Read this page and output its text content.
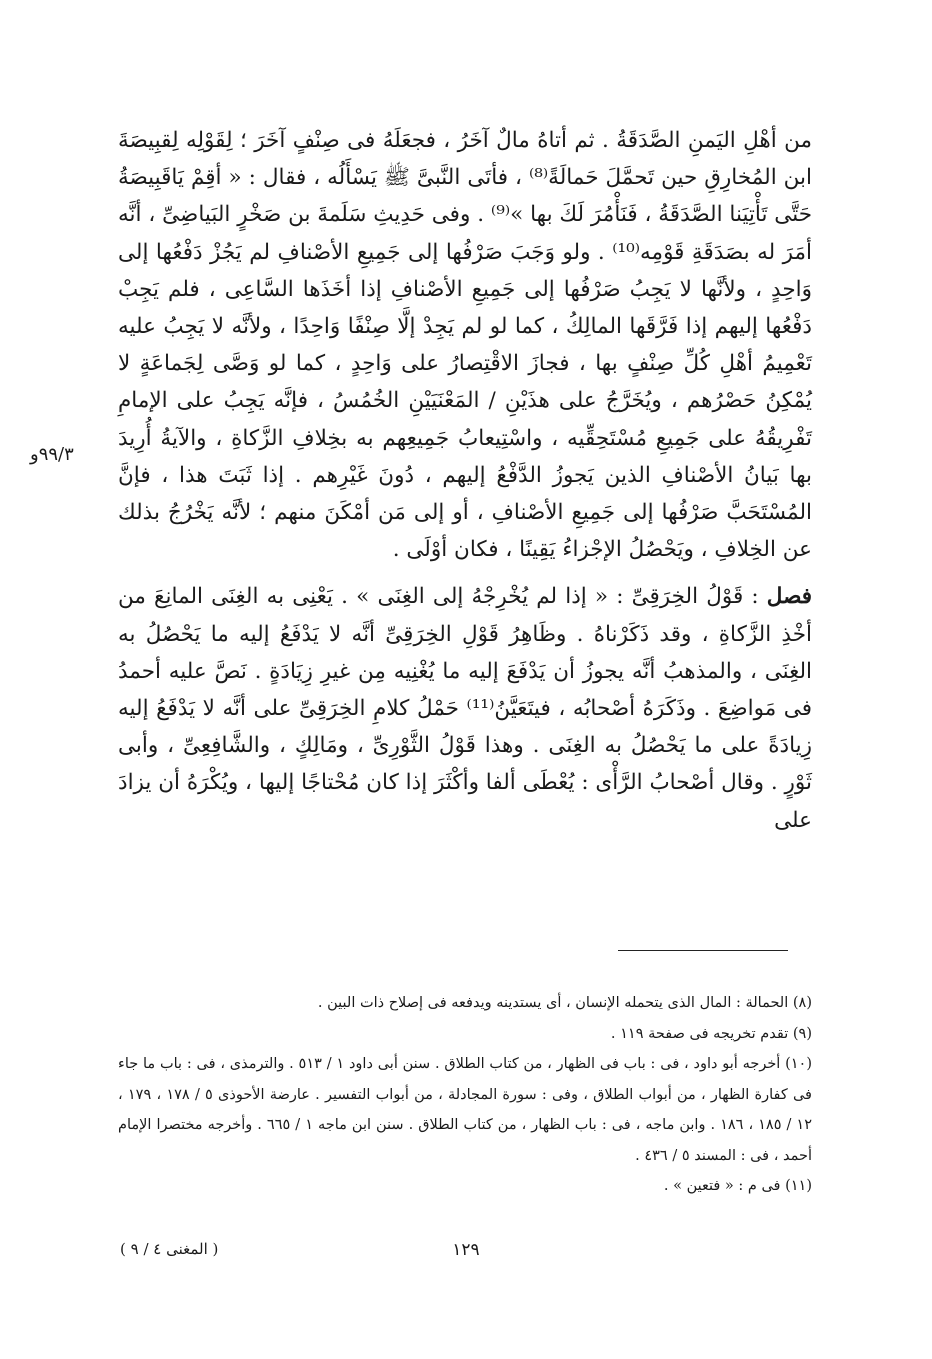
من أهْلِ اليَمنِ الصَّدَقَةُ . ثم أتاهُ مالٌ آخَرُ ، فجعَلَهُ فى صِنْفٍ آخَرَ ؛ لِقَوْلِه لِقبِيصَةَ ابن المُخارِقِ حين تَحمَّلَ حَمالَةً⁽⁸⁾ ، فأتَى النَّبىَّ ﷺ يَسْأَلُه ، فقال : « أقِمْ يَاقَبِيصَةُ حَتَّى تَأْتِيَنا الصَّدَقَةُ ، فَنَأْمُرَ لَكَ بها »⁽⁹⁾ . وفى حَدِيثِ سَلَمةَ بن صَخْرٍ البَياضِىِّ ، أنَّه أمَرَ له بصَدَقَةِ قَوْمِه⁽¹⁰⁾ . ولو وَجَبَ صَرْفُها إلى جَمِيعِ الأصْنافِ لم يَجُزْ دَفْعُها إلى وَاحِدٍ ، ولأنَّها لا يَجِبُ صَرْفُها إلى جَمِيعِ الأصْنافِ إذا أخَذَها السَّاعِى ، فلم يَجِبْ دَفْعُها إليهم إذا فَرَّقَها المالِكُ ، كما لو لم يَجِدْ إلَّا صِنْفًا وَاحِدًا ، ولأنَّه لا يَجِبُ عليه تَعْمِيمُ أهْلِ كُلِّ صِنْفٍ بها ، فجازَ الاقْتِصارُ على وَاحِدٍ ، كما لو وَصَّى لِجَماعَةٍ لا يُمْكِنُ حَصْرُهم ، ويُخَرَّجُ على هذَيْنِ / المَعْنَيَيْنِ الخُمُسُ ، فإنَّه يَجِبُ على الإمامِ تَفْرِيقُهُ على جَمِيعِ مُسْتَحِقِّيه ، واسْتِيعابُ جَمِيعِهم به بخِلافِ الزَّكاةِ ، والآيةُ أُرِيدَ بها بَيانُ الأصْنافِ الذين يَجوزُ الدَّفْعُ إليهم ، دُونَ غَيْرِهم . إذا ثَبَتَ هذا ، فإنَّ المُسْتَحَبَّ صَرْفُها إلى جَمِيعِ الأصْنافِ ، أو إلى مَن أمْكَنَ منهم ؛ لأنَّه يَخْرُجُ بذلك عن الخِلافِ ، ويَحْصُلُ الإجْزاءُ يَقِينًا ، فكان أوْلَى .

فصل : قَوْلُ الخِرَقِىِّ : « إذا لم يُخْرِجْهُ إلى الغِنَى » . يَعْنِى به الغِنَى المانِعَ من أخْذِ الزَّكاةِ ، وقد ذَكَرْناهُ . وظَاهِرُ قَوْلِ الخِرَقِىِّ أنَّه لا يَدْفَعُ إليه ما يَحْصُلُ به الغِنَى ، والمذهبُ أنَّه يجوزُ أن يَدْفَعَ إليه ما يُغْنِيه مِن غيرِ زِيَادَةٍ . نَصَّ عليه أحمدُ فى مَواضِعَ . وذَكَرَهُ أصْحابُه ، فيتَعَيَّنُ⁽¹¹⁾ حَمْلُ كلامِ الخِرَقِىِّ على أنَّه لا يَدْفَعُ إليه زِيادَةً على ما يَحْصُلُ به الغِنَى . وهذا قَوْلُ الثَّوْرِىِّ ، ومَالِكٍ ، والشَّافِعِىِّ ، وأبى ثَوْرٍ . وقال أصْحابُ الرَّأْى : يُعْطَى ألفا وأكْثَرَ إذا كان مُحْتاجًا إليها ، ويُكْرَهُ أن يزادَ على

٩٩/٣و

(٨) الحمالة : المال الذى يتحمله الإنسان ، أى يستدينه ويدفعه فى إصلاح ذات البين .

(٩) تقدم تخريجه فى صفحة ١١٩ .

(١٠) أخرجه أبو داود ، فى : باب فى الظهار ، من كتاب الطلاق . سنن أبى داود ١ / ٥١٣ . والترمذى ، فى : باب ما جاء فى كفارة الظهار ، من أبواب الطلاق ، وفى : سورة المجادلة ، من أبواب التفسير . عارضة الأحوذى ٥ / ١٧٨ ، ١٧٩ ، ١٢ / ١٨٥ ، ١٨٦ . وابن ماجه ، فى : باب الظهار ، من كتاب الطلاق . سنن ابن ماجه ١ / ٦٦٥ . وأخرجه مختصرا الإمام أحمد ، فى : المسند ٥ / ٤٣٦ .

(١١) فى م : « فتعين » .

١٢٩
( المغنى ٤ / ٩ )
